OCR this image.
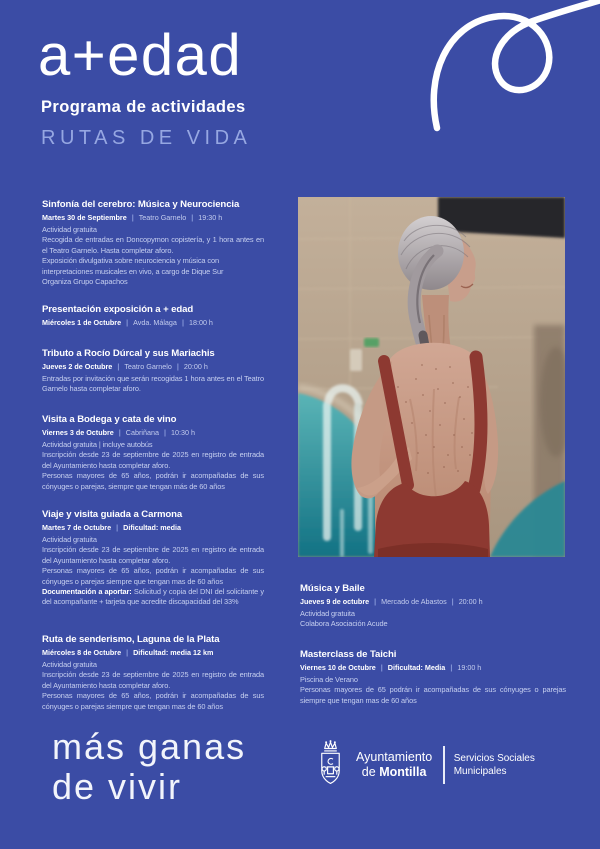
a+edad
Programa de actividades
RUTAS DE VIDA
Sinfonía del cerebro: Música y Neurociencia
Martes 30 de Septiembre | Teatro Garnelo | 19:30 h

Actividad gratuita

Recogida de entradas en Doncopymon copistería, y 1 hora antes en el Teatro Garnelo. Hasta completar aforo.

Exposición divulgativa sobre neurociencia y música con interpretaciones musicales en vivo, a cargo de Dique Sur

Organiza Grupo Capachos

Presentación exposición a + edad
Miércoles 1 de Octubre | Avda. Málaga | 18:00 h
Tributo a Rocío Dúrcal y sus Mariachis
Jueves 2 de Octubre | Teatro Garnelo | 20:00 h

Entradas por invitación que serán recogidas 1 hora antes en el Teatro Garnelo hasta completar aforo.

Visita a Bodega y cata de vino
Viernes 3 de Octubre | Cabriñana | 10:30 h

Actividad gratuita | incluye autobús

Inscripción desde 23 de septiembre de 2025 en registro de entrada del Ayuntamiento hasta completar aforo.

Personas mayores de 65 años, podrán ir acompañadas de sus cónyuges o parejas, siempre que tengan más de 60 años

Viaje y visita guiada a Carmona
Martes 7 de Octubre | Dificultad: media

Actividad gratuita

Inscripción desde 23 de septiembre de 2025 en registro de entrada del Ayuntamiento hasta completar aforo.

Personas mayores de 65 años, podrán ir acompañadas de sus cónyuges o parejas siempre que tengan mas de 60 años

Documentación a aportar: Solicitud y copia del DNI del solicitante y del acompañante + tarjeta que acredite discapacidad del 33%

Ruta de senderismo, Laguna de la Plata
Miércoles 8 de Octubre | Dificultad: media 12 km

Actividad gratuita

Inscripción desde 23 de septiembre de 2025 en registro de entrada del Ayuntamiento hasta completar aforo.

Personas mayores de 65 años, podrán ir acompañadas de sus cónyuges o parejas siempre que tengan mas de 60 años

Música y Baile
Jueves 9 de octubre | Mercado de Abastos | 20:00 h

Actividad gratuita

Colabora Asociación Acude

Masterclass de Taichi
Viernes 10 de Octubre | Dificultad: Media | 19:00 h

Piscina de Verano

Personas mayores de 65 podrán ir acompañadas de sus cónyuges o parejas siempre que tengan mas de 60 años

más ganas
de vivir
Ayuntamiento
de Montilla
Servicios Sociales
Municipales
